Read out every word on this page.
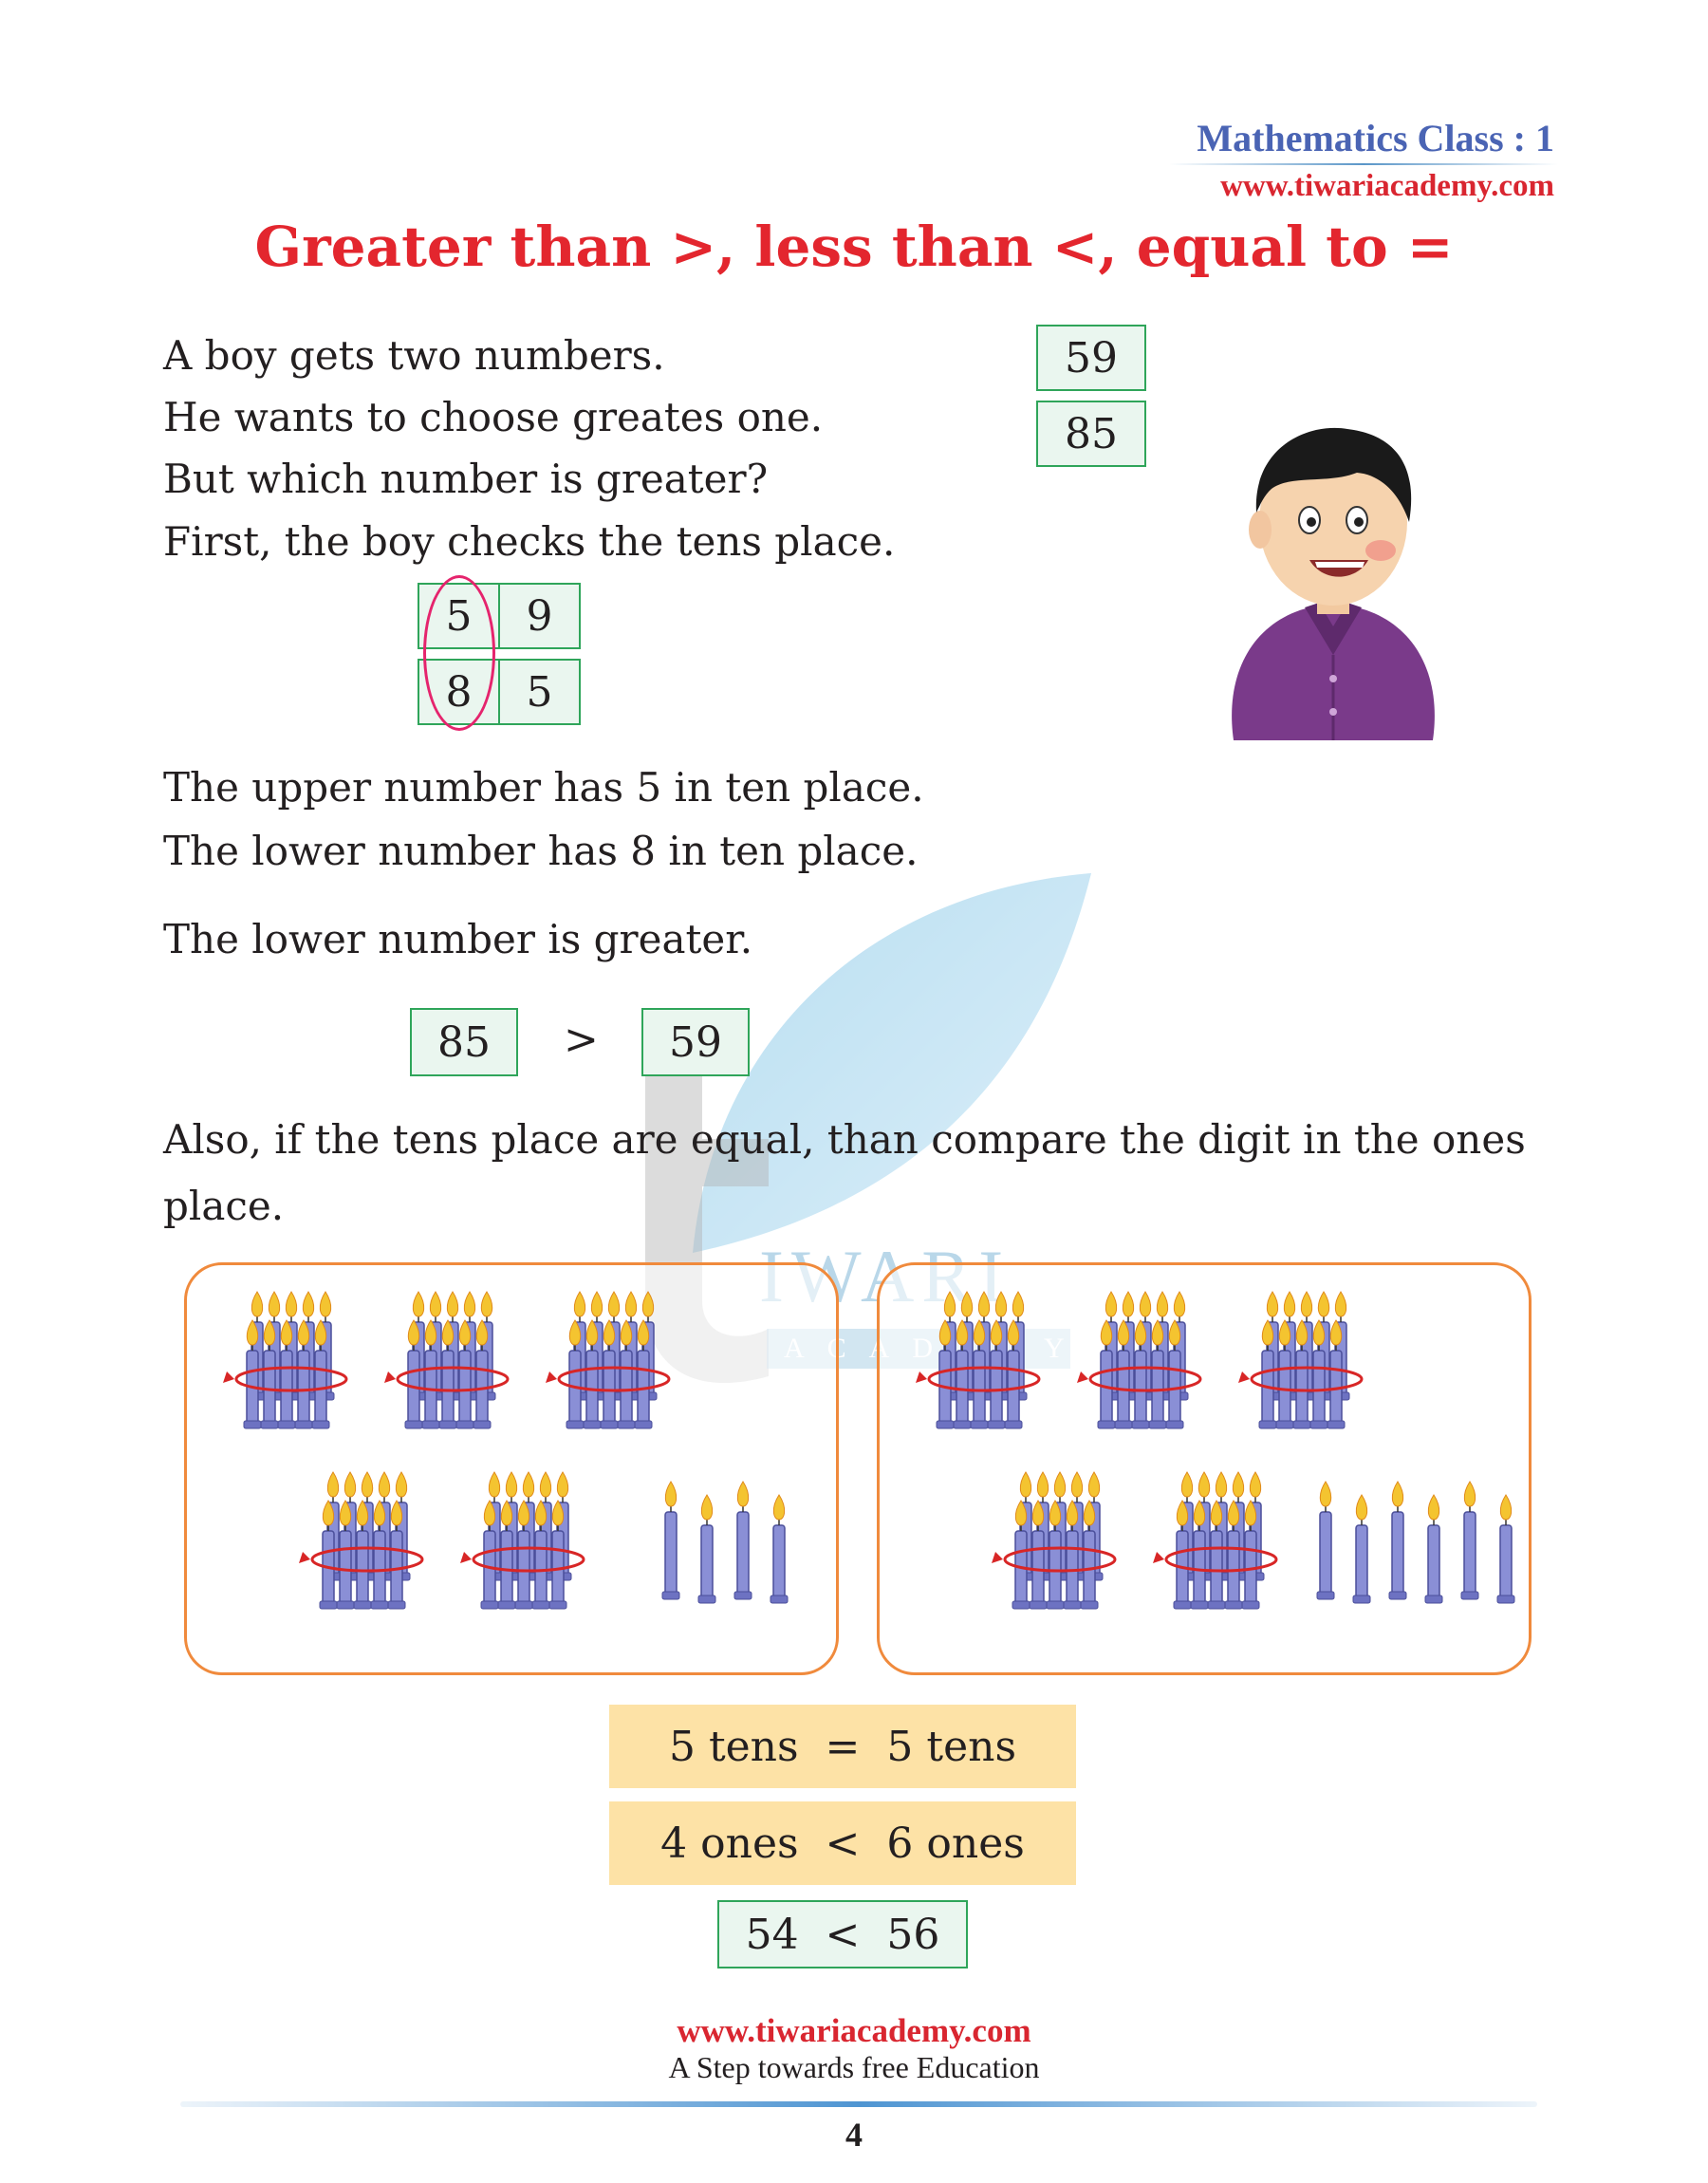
Mathematics Class : 1
www.tiwariacademy.com
Greater than >, less than <, equal to =
A boy gets two numbers.
He wants to choose greates one.
But which number is greater?
First, the boy checks the tens place.
59
85
5	9
8	5
The upper number has 5 in ten place.
The lower number has 8 in ten place.
The lower number is greater.
85 > 59
Also, if the tens place are equal, than compare the digit in the ones
place.
5 tens  =  5 tens
4 ones  <  6 ones
54  <  56
www.tiwariacademy.com
A Step towards free Education
4
